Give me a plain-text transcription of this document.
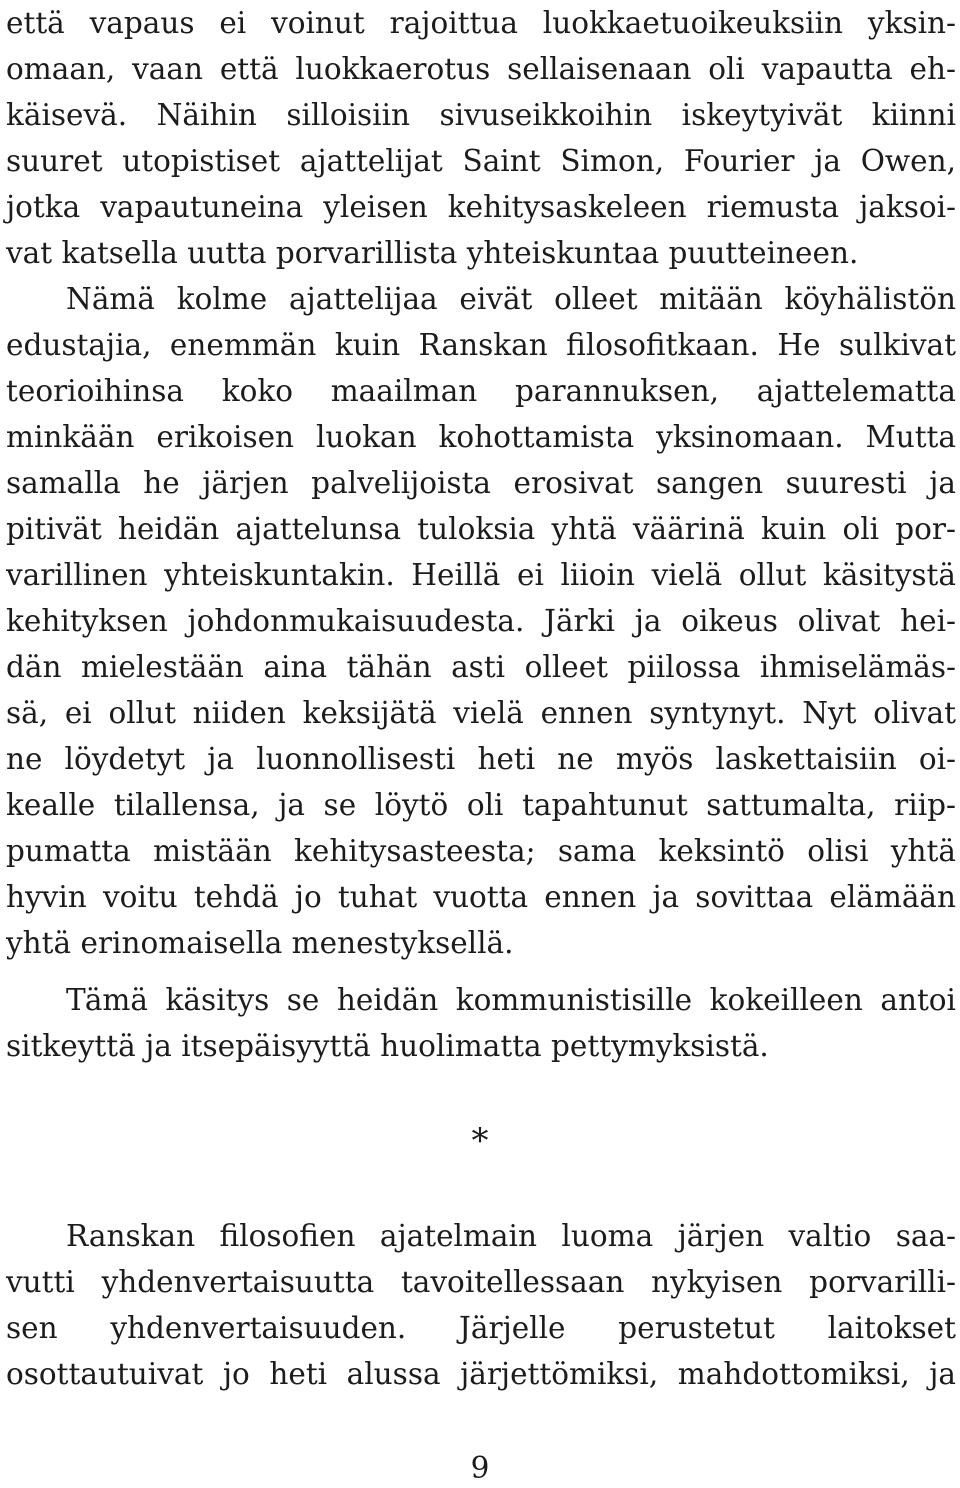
että vapaus ei voinut rajoittua luokkaetuoikeuksiin yksin-
omaan, vaan että luokkaerotus sellaisenaan oli vapautta eh-
käisevä. Näihin silloisiin sivuseikkoihin iskeytyivät kiinni
suuret utopistiset ajattelijat Saint Simon, Fourier ja Owen,
jotka vapautuneina yleisen kehitysaskeleen riemusta jaksoi-
vat katsella uutta porvarillista yhteiskuntaa puutteineen.
Nämä kolme ajattelijaa eivät olleet mitään köyhälistön
edustajia, enemmän kuin Ranskan filosofitkaan. He sulkivat
teorioihinsa koko maailman parannuksen, ajattelematta
minkään erikoisen luokan kohottamista yksinomaan. Mutta
samalla he järjen palvelijoista erosivat sangen suuresti ja
pitivät heidän ajattelunsa tuloksia yhtä väärinä kuin oli por-
varillinen yhteiskuntakin. Heillä ei liioin vielä ollut käsitystä
kehityksen johdonmukaisuudesta. Järki ja oikeus olivat hei-
dän mielestään aina tähän asti olleet piilossa ihmiselämäs-
sä, ei ollut niiden keksijätä vielä ennen syntynyt. Nyt olivat
ne löydetyt ja luonnollisesti heti ne myös laskettaisiin oi-
kealle tilallensa, ja se löytö oli tapahtunut sattumalta, riip-
pumatta mistään kehitysasteesta; sama keksintö olisi yhtä
hyvin voitu tehdä jo tuhat vuotta ennen ja sovittaa elämään
yhtä erinomaisella menestyksellä.
Tämä käsitys se heidän kommunistisille kokeilleen antoi
sitkeyttä ja itsepäisyyttä huolimatta pettymyksistä.
*
Ranskan filosofien ajatelmain luoma järjen valtio saa-
vutti yhdenvertaisuutta tavoitellessaan nykyisen porvarilli-
sen yhdenvertaisuuden. Järjelle perustetut laitokset
osottautuivat jo heti alussa järjettömiksi, mahdottomiksi, ja
9
